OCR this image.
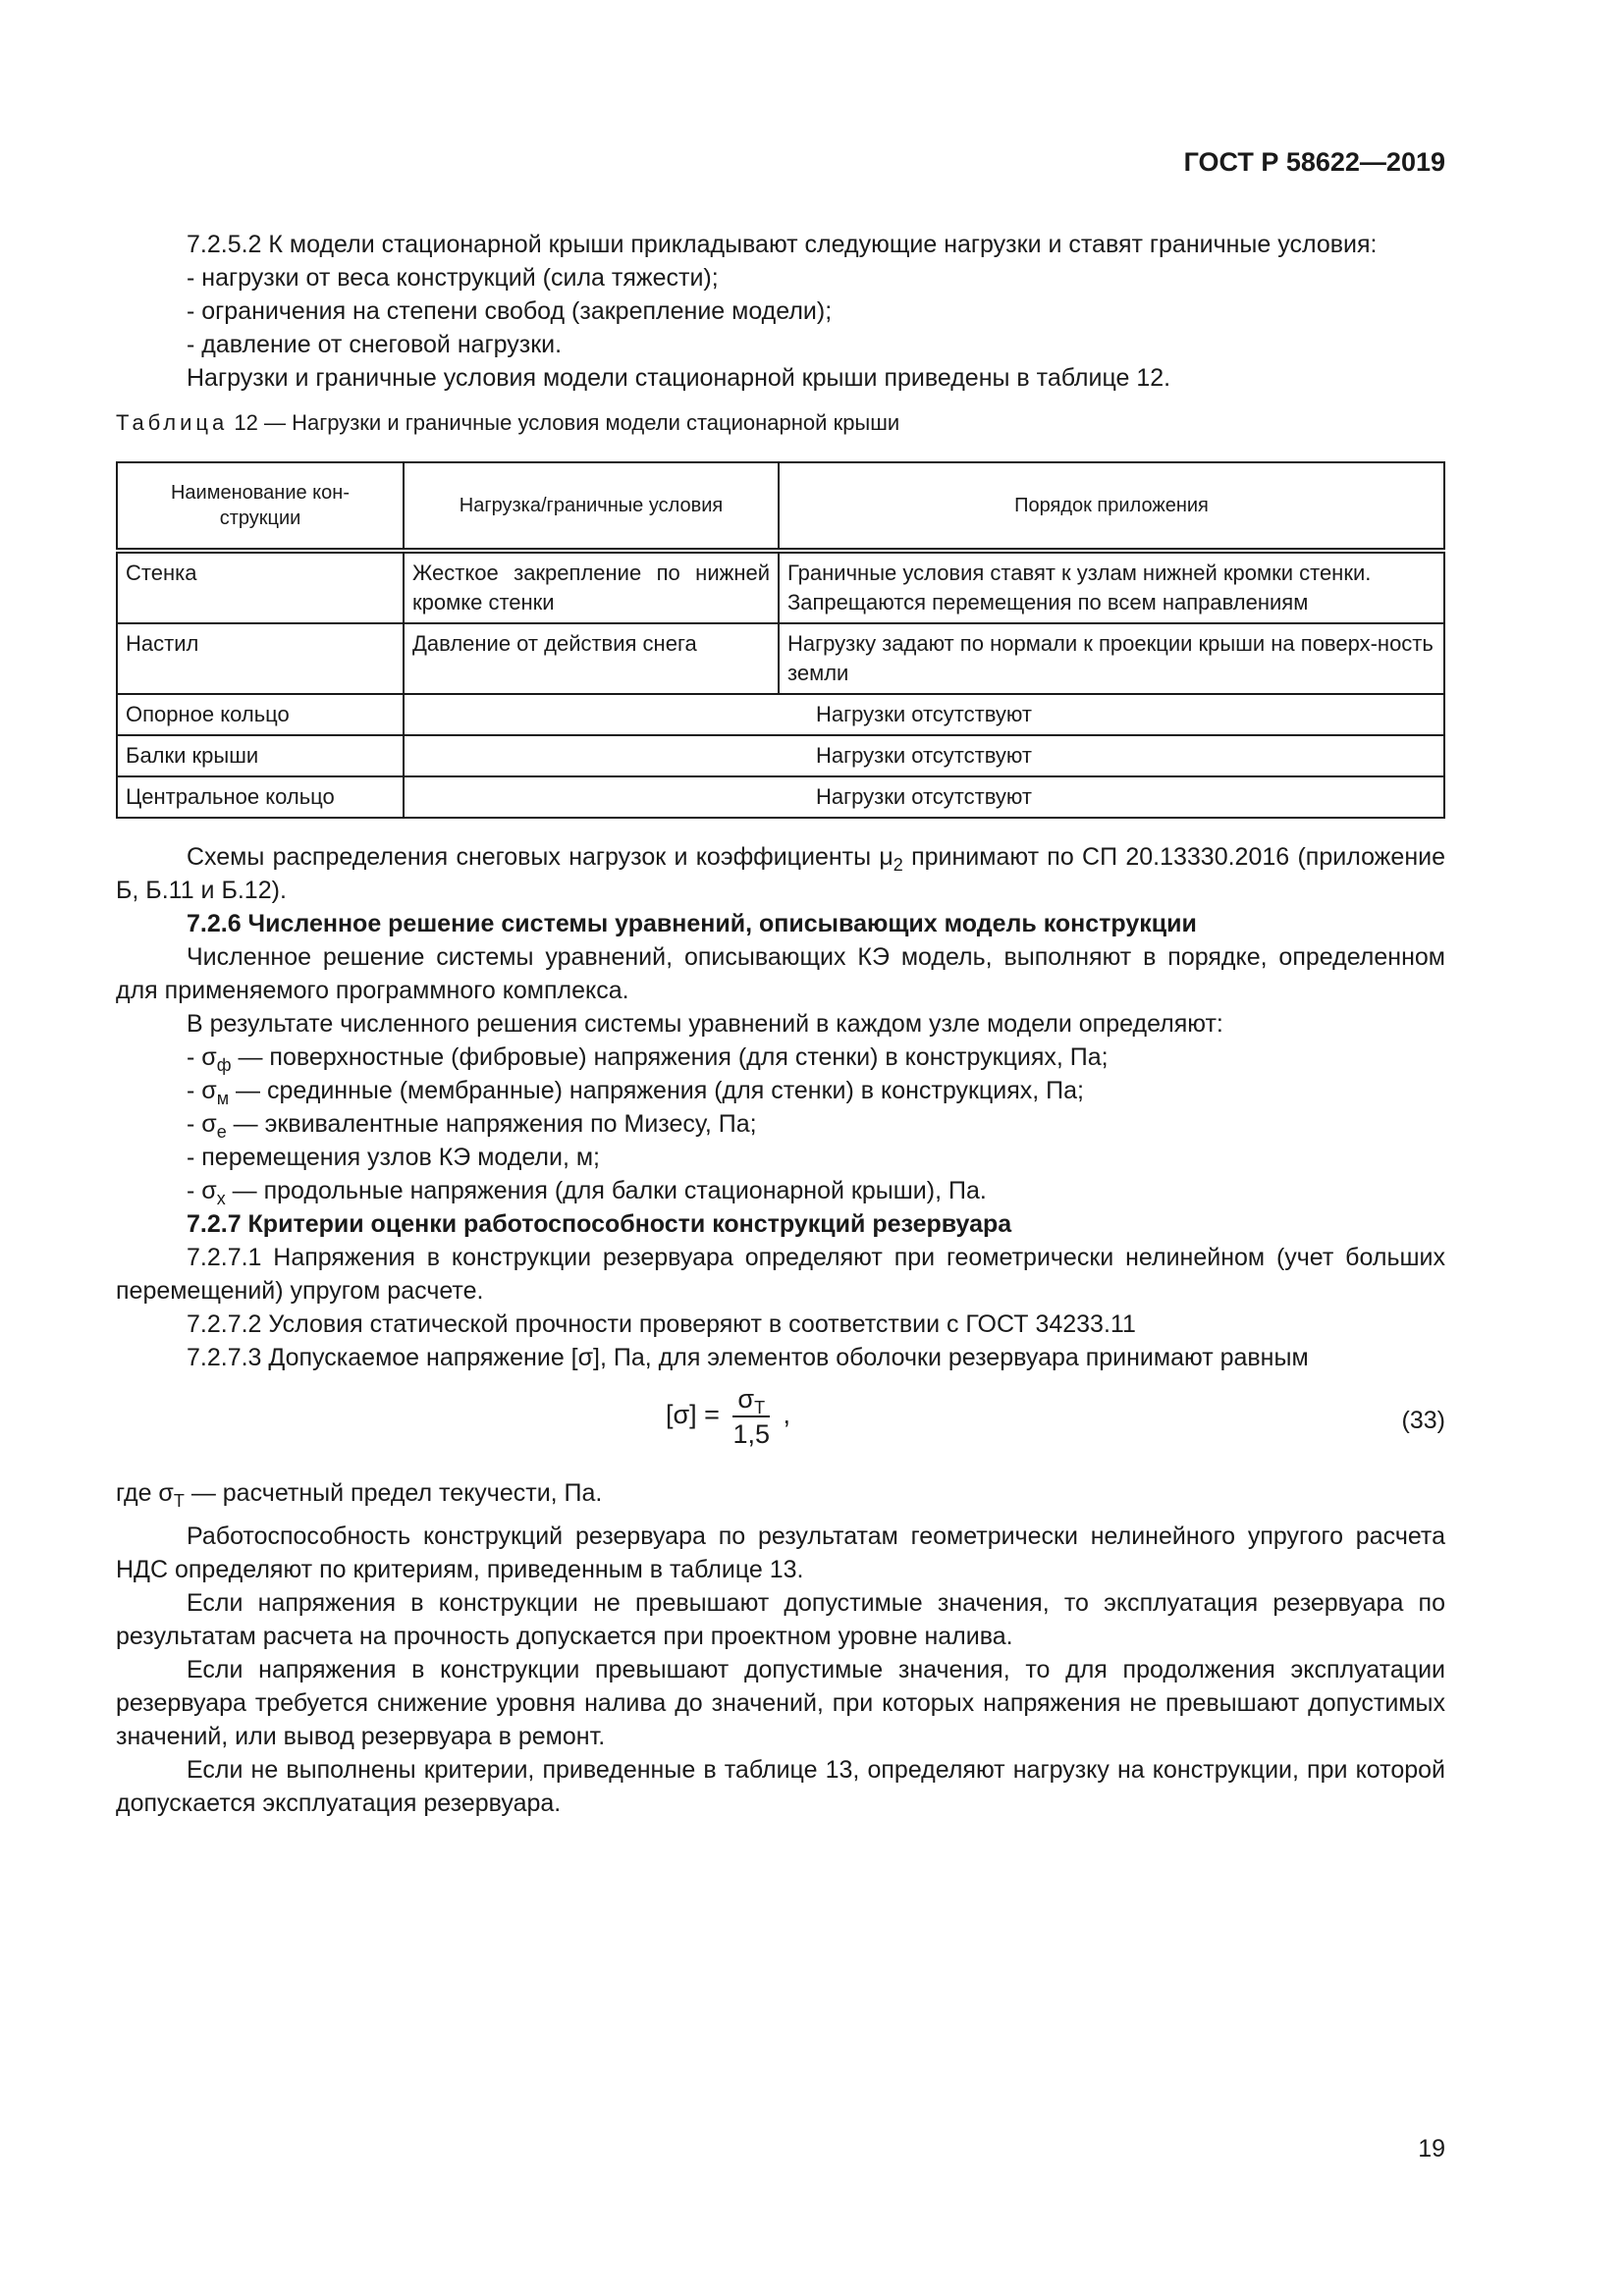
ГОСТ Р 58622—2019

7.2.5.2 К модели стационарной крыши прикладывают следующие нагрузки и ставят граничные условия:

- нагрузки от веса конструкций (сила тяжести);

- ограничения на степени свобод (закрепление модели);

- давление от снеговой нагрузки.

Нагрузки и граничные условия модели стационарной крыши приведены в таблице 12.

Таблица 12 — Нагрузки и граничные условия модели стационарной крыши
Наименование кон-струкции	Нагрузка/граничные условия	Порядок приложения
Стенка	Жесткое закрепление по нижней кромке стенки	Граничные условия ставят к узлам нижней кромки стенки. Запрещаются перемещения по всем направлениям
Настил	Давление от действия снега	Нагрузку задают по нормали к проекции крыши на поверх-ность земли
Опорное кольцо	Нагрузки отсутствуют	
Балки крыши	Нагрузки отсутствуют	
Центральное кольцо	Нагрузки отсутствуют	

Схемы распределения снеговых нагрузок и коэффициенты $\mu_2$ принимают по СП 20.13330.2016 (приложение Б, Б.11 и Б.12).

7.2.6 Численное решение системы уравнений, описывающих модель конструкции

Численное решение системы уравнений, описывающих КЭ модель, выполняют в порядке, определенном для применяемого программного комплекса.

В результате численного решения системы уравнений в каждом узле модели определяют:

- $\sigma_ф$ — поверхностные (фибровые) напряжения (для стенки) в конструкциях, Па;

- $\sigma_м$ — срединные (мембранные) напряжения (для стенки) в конструкциях, Па;

- $\sigma_е$ — эквивалентные напряжения по Мизесу, Па;

- перемещения узлов КЭ модели, м;

- $\sigma_x$ — продольные напряжения (для балки стационарной крыши), Па.

7.2.7 Критерии оценки работоспособности конструкций резервуара

7.2.7.1 Напряжения в конструкции резервуара определяют при геометрически нелинейном (учет больших перемещений) упругом расчете.

7.2.7.2 Условия статической прочности проверяют в соответствии с ГОСТ 34233.11

7.2.7.3 Допускаемое напряжение [σ], Па, для элементов оболочки резервуара принимают равным

$[\sigma] = \frac{\sigma_Т}{1,5}$ ,	(33)

где $\sigma_Т$ — расчетный предел текучести, Па.

Работоспособность конструкций резервуара по результатам геометрически нелинейного упругого расчета НДС определяют по критериям, приведенным в таблице 13.

Если напряжения в конструкции не превышают допустимые значения, то эксплуатация резервуара по результатам расчета на прочность допускается при проектном уровне налива.

Если напряжения в конструкции превышают допустимые значения, то для продолжения эксплуатации резервуара требуется снижение уровня налива до значений, при которых напряжения не превышают допустимых значений, или вывод резервуара в ремонт.

Если не выполнены критерии, приведенные в таблице 13, определяют нагрузку на конструкции, при которой допускается эксплуатация резервуара.

19
